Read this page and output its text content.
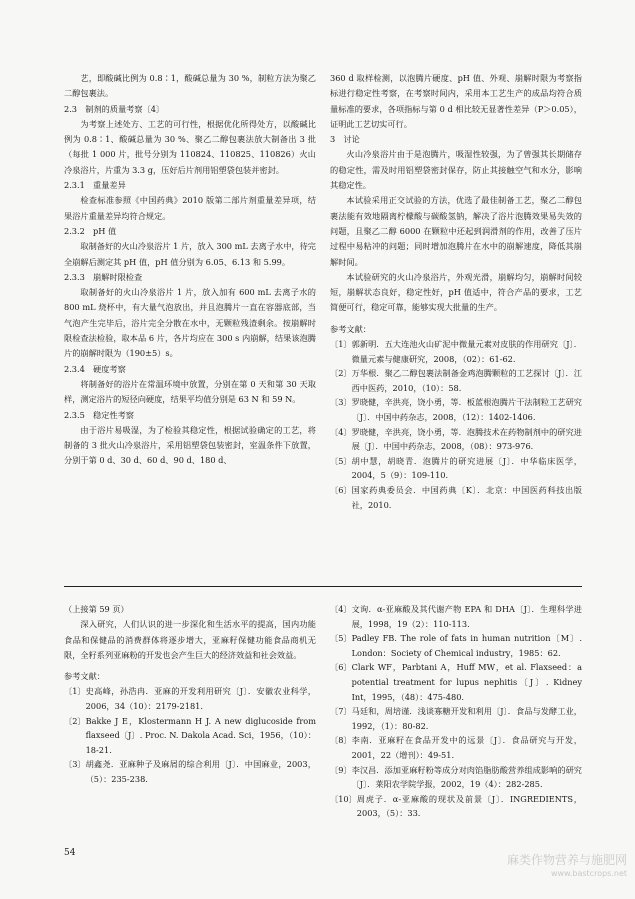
艺，即酸碱比例为 0.8∶1，酸碱总量为 30 %，制粒方法为聚乙二醇包裹法。

2.3　制剂的质量考察〔4〕

为考察上述处方、工艺的可行性，根据优化所得处方，以酸碱比例为 0.8∶1、酸碱总量为 30 %、聚乙二醇包裹法放大制备出 3 批（每批 1 000 片，批号分别为 110824、110825、110826）火山冷泉浴片，片重为 3.3 g，压好后片剂用铝塑袋包装并密封。

2.3.1　重量差异

检查标准参照《中国药典》2010 版第二部片剂重量差异项，结果浴片重量差异均符合规定。

2.3.2　pH 值

取制备好的火山冷泉浴片 1 片，放入 300 mL 去离子水中，待完全崩解后测定其 pH 值，pH 值分别为 6.05、6.13 和 5.99。

2.3.3　崩解时限检查

取制备好的火山冷泉浴片 1 片，放入加有 600 mL 去离子水的 800 mL 烧杯中，有大量气泡放出，并且泡腾片一直在容器底部，当气泡产生完毕后，浴片完全分散在水中，无颗粒残渣剩余。按崩解时限检查法检验，取本品 6 片，各片均应在 300 s 内崩解，结果该泡腾片的崩解时限为（190±5）s。

2.3.4　硬度考察

将制备好的浴片在常温环境中放置，分别在第 0 天和第 30 天取样，测定浴片的短径向硬度，结果平均值分别是 63 N 和 59 N。

2.3.5　稳定性考察

由于浴片易吸湿，为了检验其稳定性，根据试验确定的工艺，将制备的 3 批火山冷泉浴片，采用铝塑袋包装密封，室温条件下放置，分别于第 0 d、30 d、60 d、90 d、180 d、

360 d 取样检测，以泡腾片硬度、pH 值、外观、崩解时限为考察指标进行稳定性考察，在考察时间内，采用本工艺生产的成品均符合质量标准的要求，各项指标与第 0 d 相比较无显著性差异（P＞0.05），证明此工艺切实可行。

3　讨论

火山冷泉浴片由于是泡腾片，吸湿性较强，为了曾强其长期储存的稳定性，需及时用铝塑袋密封保存，防止其接触空气和水分，影响其稳定性。

本试验采用正交试验的方法，优选了最佳制备工艺，聚乙二醇包裹法能有效地隔离柠檬酸与碳酸氢钠，解决了浴片泡腾效果易失效的问题，且聚乙二醇 6000 在颗粒中还起到润滑剂的作用，改善了压片过程中易粘冲的问题；同时增加泡腾片在水中的崩解速度，降低其崩解时间。

本试验研究的火山冷泉浴片，外观光滑，崩解均匀，崩解时间较短，崩解状态良好，稳定性好，pH 值适中，符合产品的要求，工艺简便可行，稳定可靠，能够实现大批量的生产。

参考文献：

〔1〕 郭新明．五大连池火山矿泥中微量元素对皮肤的作用研究〔J〕．微量元素与健康研究，2008，（02）：61-62.
〔2〕 万华根．聚乙二醇包裹法制备金鸡泡腾颗粒的工艺探讨〔J〕．江西中医药，2010，（10）：58.
〔3〕 罗晓健，辛洪亮，饶小勇，等．板蓝根泡腾片干法制粒工艺研究〔J〕．中国中药杂志，2008，（12）：1402-1406.
〔4〕 罗晓健，辛洪亮，饶小勇，等．泡腾技术在药物制剂中的研究进展〔J〕．中国中药杂志，2008，（08）：973-976.
〔5〕 胡中慧，胡晓青．泡腾片的研究进展〔J〕．中华临床医学，2004，5（9）：109-110.
〔6〕 国家药典委员会．中国药典〔K〕．北京：中国医药科技出版社，2010.

（上接第 59 页）

深入研究，人们认识的进一步深化和生活水平的提高，国内功能食品和保健品的消费群体将逐步增大，亚麻籽保健功能食品商机无限，全籽系列亚麻粉的开发也会产生巨大的经济效益和社会效益。

参考文献：

〔1〕 史高峰，孙浩冉．亚麻的开发利用研究〔J〕．安徽农业科学，2006，34（10）：2179-2181.
〔2〕 Bakke J E，Klostermann H J. A new diglucoside from flaxseed〔J〕. Proc. N. Dakola Acad. Sci，1956，（10）：18-21.
〔3〕 胡鑫尧．亚麻种子及麻屑的综合利用〔J〕．中国麻业，2003，（5）：235-238.
〔4〕 文询．α-亚麻酸及其代谢产物 EPA 和 DHA〔J〕．生理科学进展，1998，19（2）：110-113.
〔5〕 Padley FB. The role of fats in human nutrition〔M〕. London：Society of Chemical industry，1985：62.
〔6〕 Clark WF，Parbtani A，Huff MW，et al. Flaxseed：a potential treatment for lupus nephitis〔J〕. Kidney Int，1995，（48）：475-480.
〔7〕 马廷和，周培谨．浅谈寡糖开发和利用〔J〕．食品与发酵工业，1992，（1）：80-82.
〔8〕 李南．亚麻籽在食品开发中的远景〔J〕．食品研究与开发，2001，22（增刊）：49-51.
〔9〕 李汉昌．添加亚麻籽粉等成分对肉馅脂肪酸营养组成影响的研究〔J〕．莱阳农学院学报，2002，19（4）：282-285.
〔10〕 周虎子．α-亚麻酸的现状及前景〔J〕．INGREDIENTS，2003，（5）：33.
54	麻类作物营养与施肥网
www.bastcrops.net
